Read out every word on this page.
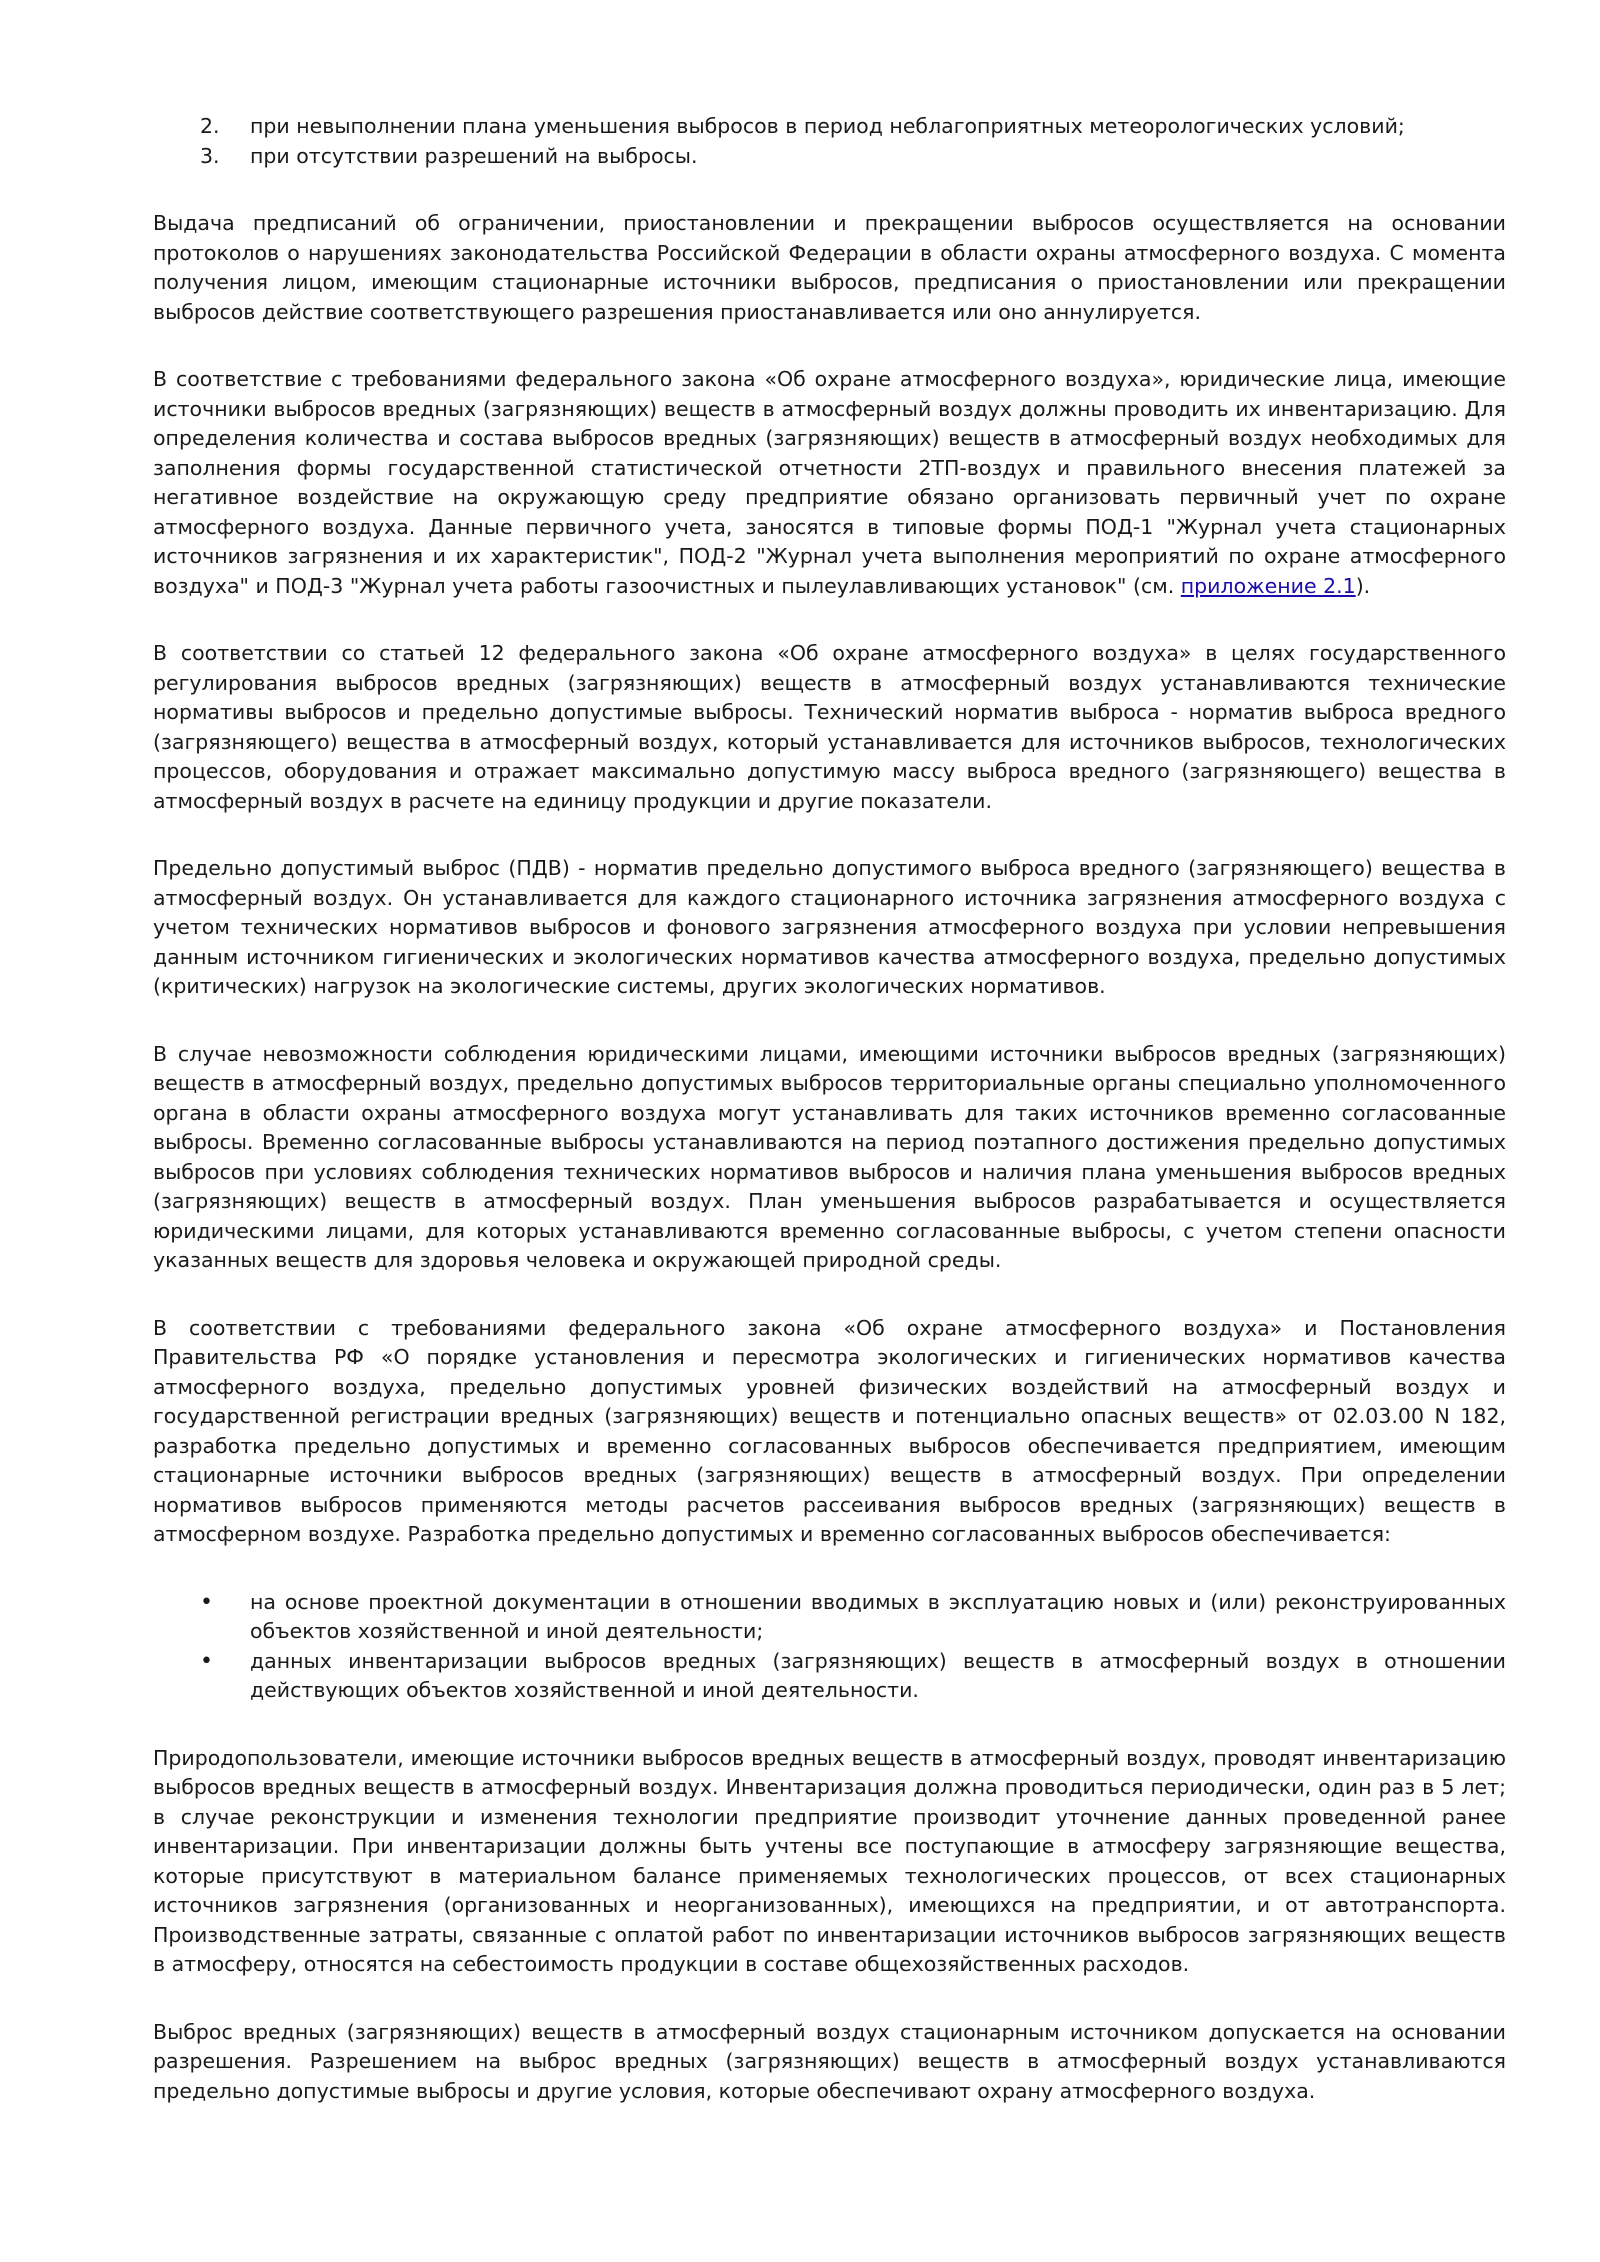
2. при невыполнении плана уменьшения выбросов в период неблагоприятных метеорологических условий;
3. при отсутствии разрешений на выбросы.

Выдача предписаний об ограничении, приостановлении и прекращении выбросов осуществляется на основании протоколов о нарушениях законодательства Российской Федерации в области охраны атмосферного воздуха. С момента получения лицом, имеющим стационарные источники выбросов, предписания о приостановлении или прекращении выбросов действие соответствующего разрешения приостанавливается или оно аннулируется.

В соответствие с требованиями федерального закона «Об охране атмосферного воздуха», юридические лица, имеющие источники выбросов вредных (загрязняющих) веществ в атмосферный воздух должны проводить их инвентаризацию. Для определения количества и состава выбросов вредных (загрязняющих) веществ в атмосферный воздух необходимых для заполнения формы государственной статистической отчетности 2ТП-воздух и правильного внесения платежей за негативное воздействие на окружающую среду предприятие обязано организовать первичный учет по охране атмосферного воздуха. Данные первичного учета, заносятся в типовые формы ПОД-1 "Журнал учета стационарных источников загрязнения и их характеристик", ПОД-2 "Журнал учета выполнения мероприятий по охране атмосферного воздуха" и ПОД-3 "Журнал учета работы газоочистных и пылеулавливающих установок" (см. приложение 2.1).

В соответствии со статьей 12 федерального закона «Об охране атмосферного воздуха» в целях государственного регулирования выбросов вредных (загрязняющих) веществ в атмосферный воздух устанавливаются технические нормативы выбросов и предельно допустимые выбросы. Технический норматив выброса - норматив выброса вредного (загрязняющего) вещества в атмосферный воздух, который устанавливается для источников выбросов, технологических процессов, оборудования и отражает максимально допустимую массу выброса вредного (загрязняющего) вещества в атмосферный воздух в расчете на единицу продукции и другие показатели.

Предельно допустимый выброс (ПДВ) - норматив предельно допустимого выброса вредного (загрязняющего) вещества в атмосферный воздух. Он устанавливается для каждого стационарного источника загрязнения атмосферного воздуха с учетом технических нормативов выбросов и фонового загрязнения атмосферного воздуха при условии непревышения данным источником гигиенических и экологических нормативов качества атмосферного воздуха, предельно допустимых (критических) нагрузок на экологические системы, других экологических нормативов.

В случае невозможности соблюдения юридическими лицами, имеющими источники выбросов вредных (загрязняющих) веществ в атмосферный воздух, предельно допустимых выбросов территориальные органы специально уполномоченного органа в области охраны атмосферного воздуха могут устанавливать для таких источников временно согласованные выбросы. Временно согласованные выбросы устанавливаются на период поэтапного достижения предельно допустимых выбросов при условиях соблюдения технических нормативов выбросов и наличия плана уменьшения выбросов вредных (загрязняющих) веществ в атмосферный воздух. План уменьшения выбросов разрабатывается и осуществляется юридическими лицами, для которых устанавливаются временно согласованные выбросы, с учетом степени опасности указанных веществ для здоровья человека и окружающей природной среды.

В соответствии с требованиями федерального закона «Об охране атмосферного воздуха» и Постановления Правительства РФ «О порядке установления и пересмотра экологических и гигиенических нормативов качества атмосферного воздуха, предельно допустимых уровней физических воздействий на атмосферный воздух и государственной регистрации вредных (загрязняющих) веществ и потенциально опасных веществ» от 02.03.00 N 182, разработка предельно допустимых и временно согласованных выбросов обеспечивается предприятием, имеющим стационарные источники выбросов вредных (загрязняющих) веществ в атмосферный воздух. При определении нормативов выбросов применяются методы расчетов рассеивания выбросов вредных (загрязняющих) веществ в атмосферном воздухе. Разработка предельно допустимых и временно согласованных выбросов обеспечивается:

• на основе проектной документации в отношении вводимых в эксплуатацию новых и (или) реконструированных объектов хозяйственной и иной деятельности;
• данных инвентаризации выбросов вредных (загрязняющих) веществ в атмосферный воздух в отношении действующих объектов хозяйственной и иной деятельности.

Природопользователи, имеющие источники выбросов вредных веществ в атмосферный воздух, проводят инвентаризацию выбросов вредных веществ в атмосферный воздух. Инвентаризация должна проводиться периодически, один раз в 5 лет; в случае реконструкции и изменения технологии предприятие производит уточнение данных проведенной ранее инвентаризации. При инвентаризации должны быть учтены все поступающие в атмосферу загрязняющие вещества, которые присутствуют в материальном балансе применяемых технологических процессов, от всех стационарных источников загрязнения (организованных и неорганизованных), имеющихся на предприятии, и от автотранспорта. Производственные затраты, связанные с оплатой работ по инвентаризации источников выбросов загрязняющих веществ в атмосферу, относятся на себестоимость продукции в составе общехозяйственных расходов.

Выброс вредных (загрязняющих) веществ в атмосферный воздух стационарным источником допускается на основании разрешения. Разрешением на выброс вредных (загрязняющих) веществ в атмосферный воздух устанавливаются предельно допустимые выбросы и другие условия, которые обеспечивают охрану атмосферного воздуха.
